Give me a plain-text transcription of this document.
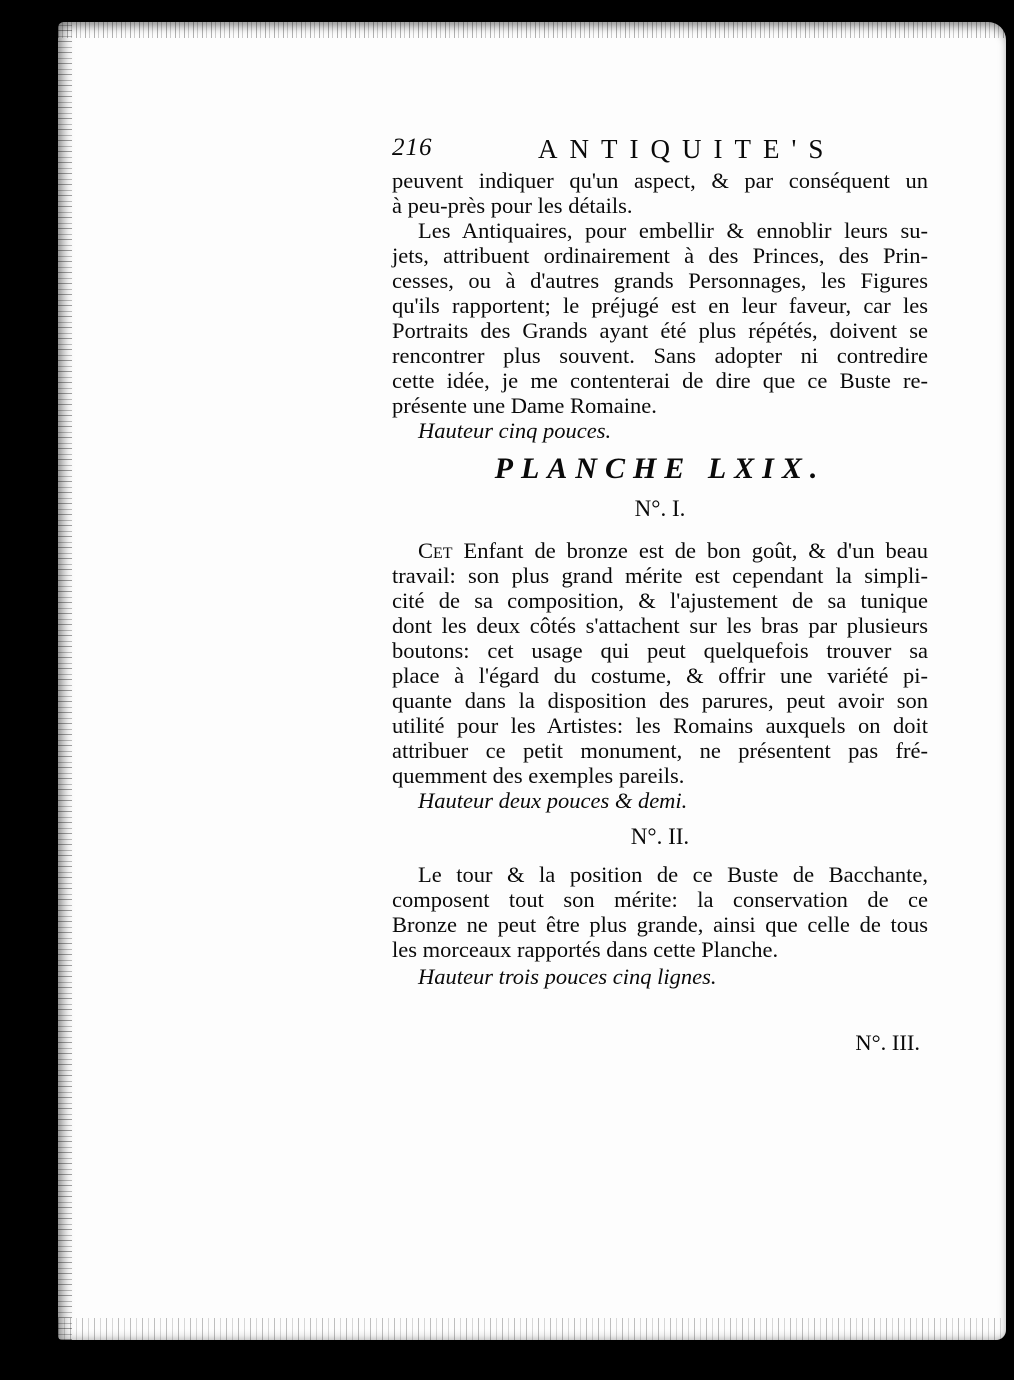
216	ANTIQUITE'S
peuvent indiquer qu'un aspect, & par conséquent un
à peu-près pour les détails.
Les Antiquaires, pour embellir & ennoblir leurs su-
jets, attribuent ordinairement à des Princes, des Prin-
cesses, ou à d'autres grands Personnages, les Figures
qu'ils rapportent; le préjugé est en leur faveur, car les
Portraits des Grands ayant été plus répétés, doivent se
rencontrer plus souvent. Sans adopter ni contredire
cette idée, je me contenterai de dire que ce Buste re-
présente une Dame Romaine.
Hauteur cinq pouces.
PLANCHE LXIX.
N°. I.
Cet Enfant de bronze est de bon goût, & d'un beau
travail: son plus grand mérite est cependant la simpli-
cité de sa composition, & l'ajustement de sa tunique
dont les deux côtés s'attachent sur les bras par plusieurs
boutons: cet usage qui peut quelquefois trouver sa
place à l'égard du costume, & offrir une variété pi-
quante dans la disposition des parures, peut avoir son
utilité pour les Artistes: les Romains auxquels on doit
attribuer ce petit monument, ne présentent pas fré-
quemment des exemples pareils.
Hauteur deux pouces & demi.
N°. II.
Le tour & la position de ce Buste de Bacchante,
composent tout son mérite: la conservation de ce
Bronze ne peut être plus grande, ainsi que celle de tous
les morceaux rapportés dans cette Planche.
Hauteur trois pouces cinq lignes.
N°. III.
